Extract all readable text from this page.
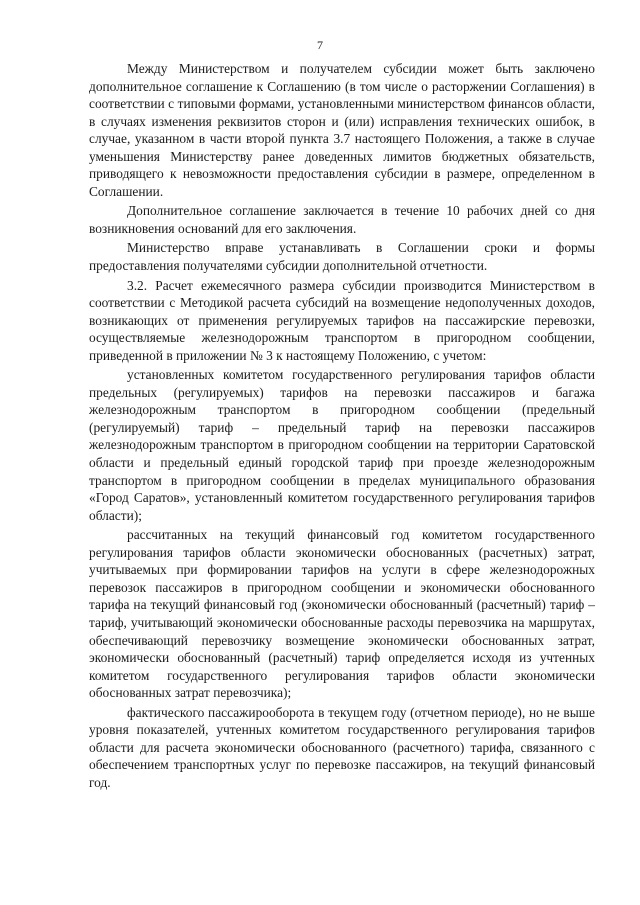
7

Между Министерством и получателем субсидии может быть заключено дополнительное соглашение к Соглашению (в том числе о расторжении Соглашения) в соответствии с типовыми формами, установленными министерством финансов области, в случаях изменения реквизитов сторон и (или) исправления технических ошибок, в случае, указанном в части второй пункта 3.7 настоящего Положения, а также в случае уменьшения Министерству ранее доведенных лимитов бюджетных обязательств, приводящего к невозможности предоставления субсидии в размере, определенном в Соглашении.

Дополнительное соглашение заключается в течение 10 рабочих дней со дня возникновения оснований для его заключения.

Министерство вправе устанавливать в Соглашении сроки и формы предоставления получателями субсидии дополнительной отчетности.

3.2. Расчет ежемесячного размера субсидии производится Министерством в соответствии с Методикой расчета субсидий на возмещение недополученных доходов, возникающих от применения регулируемых тарифов на пассажирские перевозки, осуществляемые железнодорожным транспортом в пригородном сообщении, приведенной в приложении № 3 к настоящему Положению, с учетом:

установленных комитетом государственного регулирования тарифов области предельных (регулируемых) тарифов на перевозки пассажиров и багажа железнодорожным транспортом в пригородном сообщении (предельный (регулируемый) тариф – предельный тариф на перевозки пассажиров железнодорожным транспортом в пригородном сообщении на территории Саратовской области и предельный единый городской тариф при проезде железнодорожным транспортом в пригородном сообщении в пределах муниципального образования «Город Саратов», установленный комитетом государственного регулирования тарифов области);

рассчитанных на текущий финансовый год комитетом государственного регулирования тарифов области экономически обоснованных (расчетных) затрат, учитываемых при формировании тарифов на услуги в сфере железнодорожных перевозок пассажиров в пригородном сообщении и экономически обоснованного тарифа на текущий финансовый год (экономически обоснованный (расчетный) тариф – тариф, учитывающий экономически обоснованные расходы перевозчика на маршрутах, обеспечивающий перевозчику возмещение экономически обоснованных затрат, экономически обоснованный (расчетный) тариф определяется исходя из учтенных комитетом государственного регулирования тарифов области экономически обоснованных затрат перевозчика);

фактического пассажирооборота в текущем году (отчетном периоде), но не выше уровня показателей, учтенных комитетом государственного регулирования тарифов области для расчета экономически обоснованного (расчетного) тарифа, связанного с обеспечением транспортных услуг по перевозке пассажиров, на текущий финансовый год.
